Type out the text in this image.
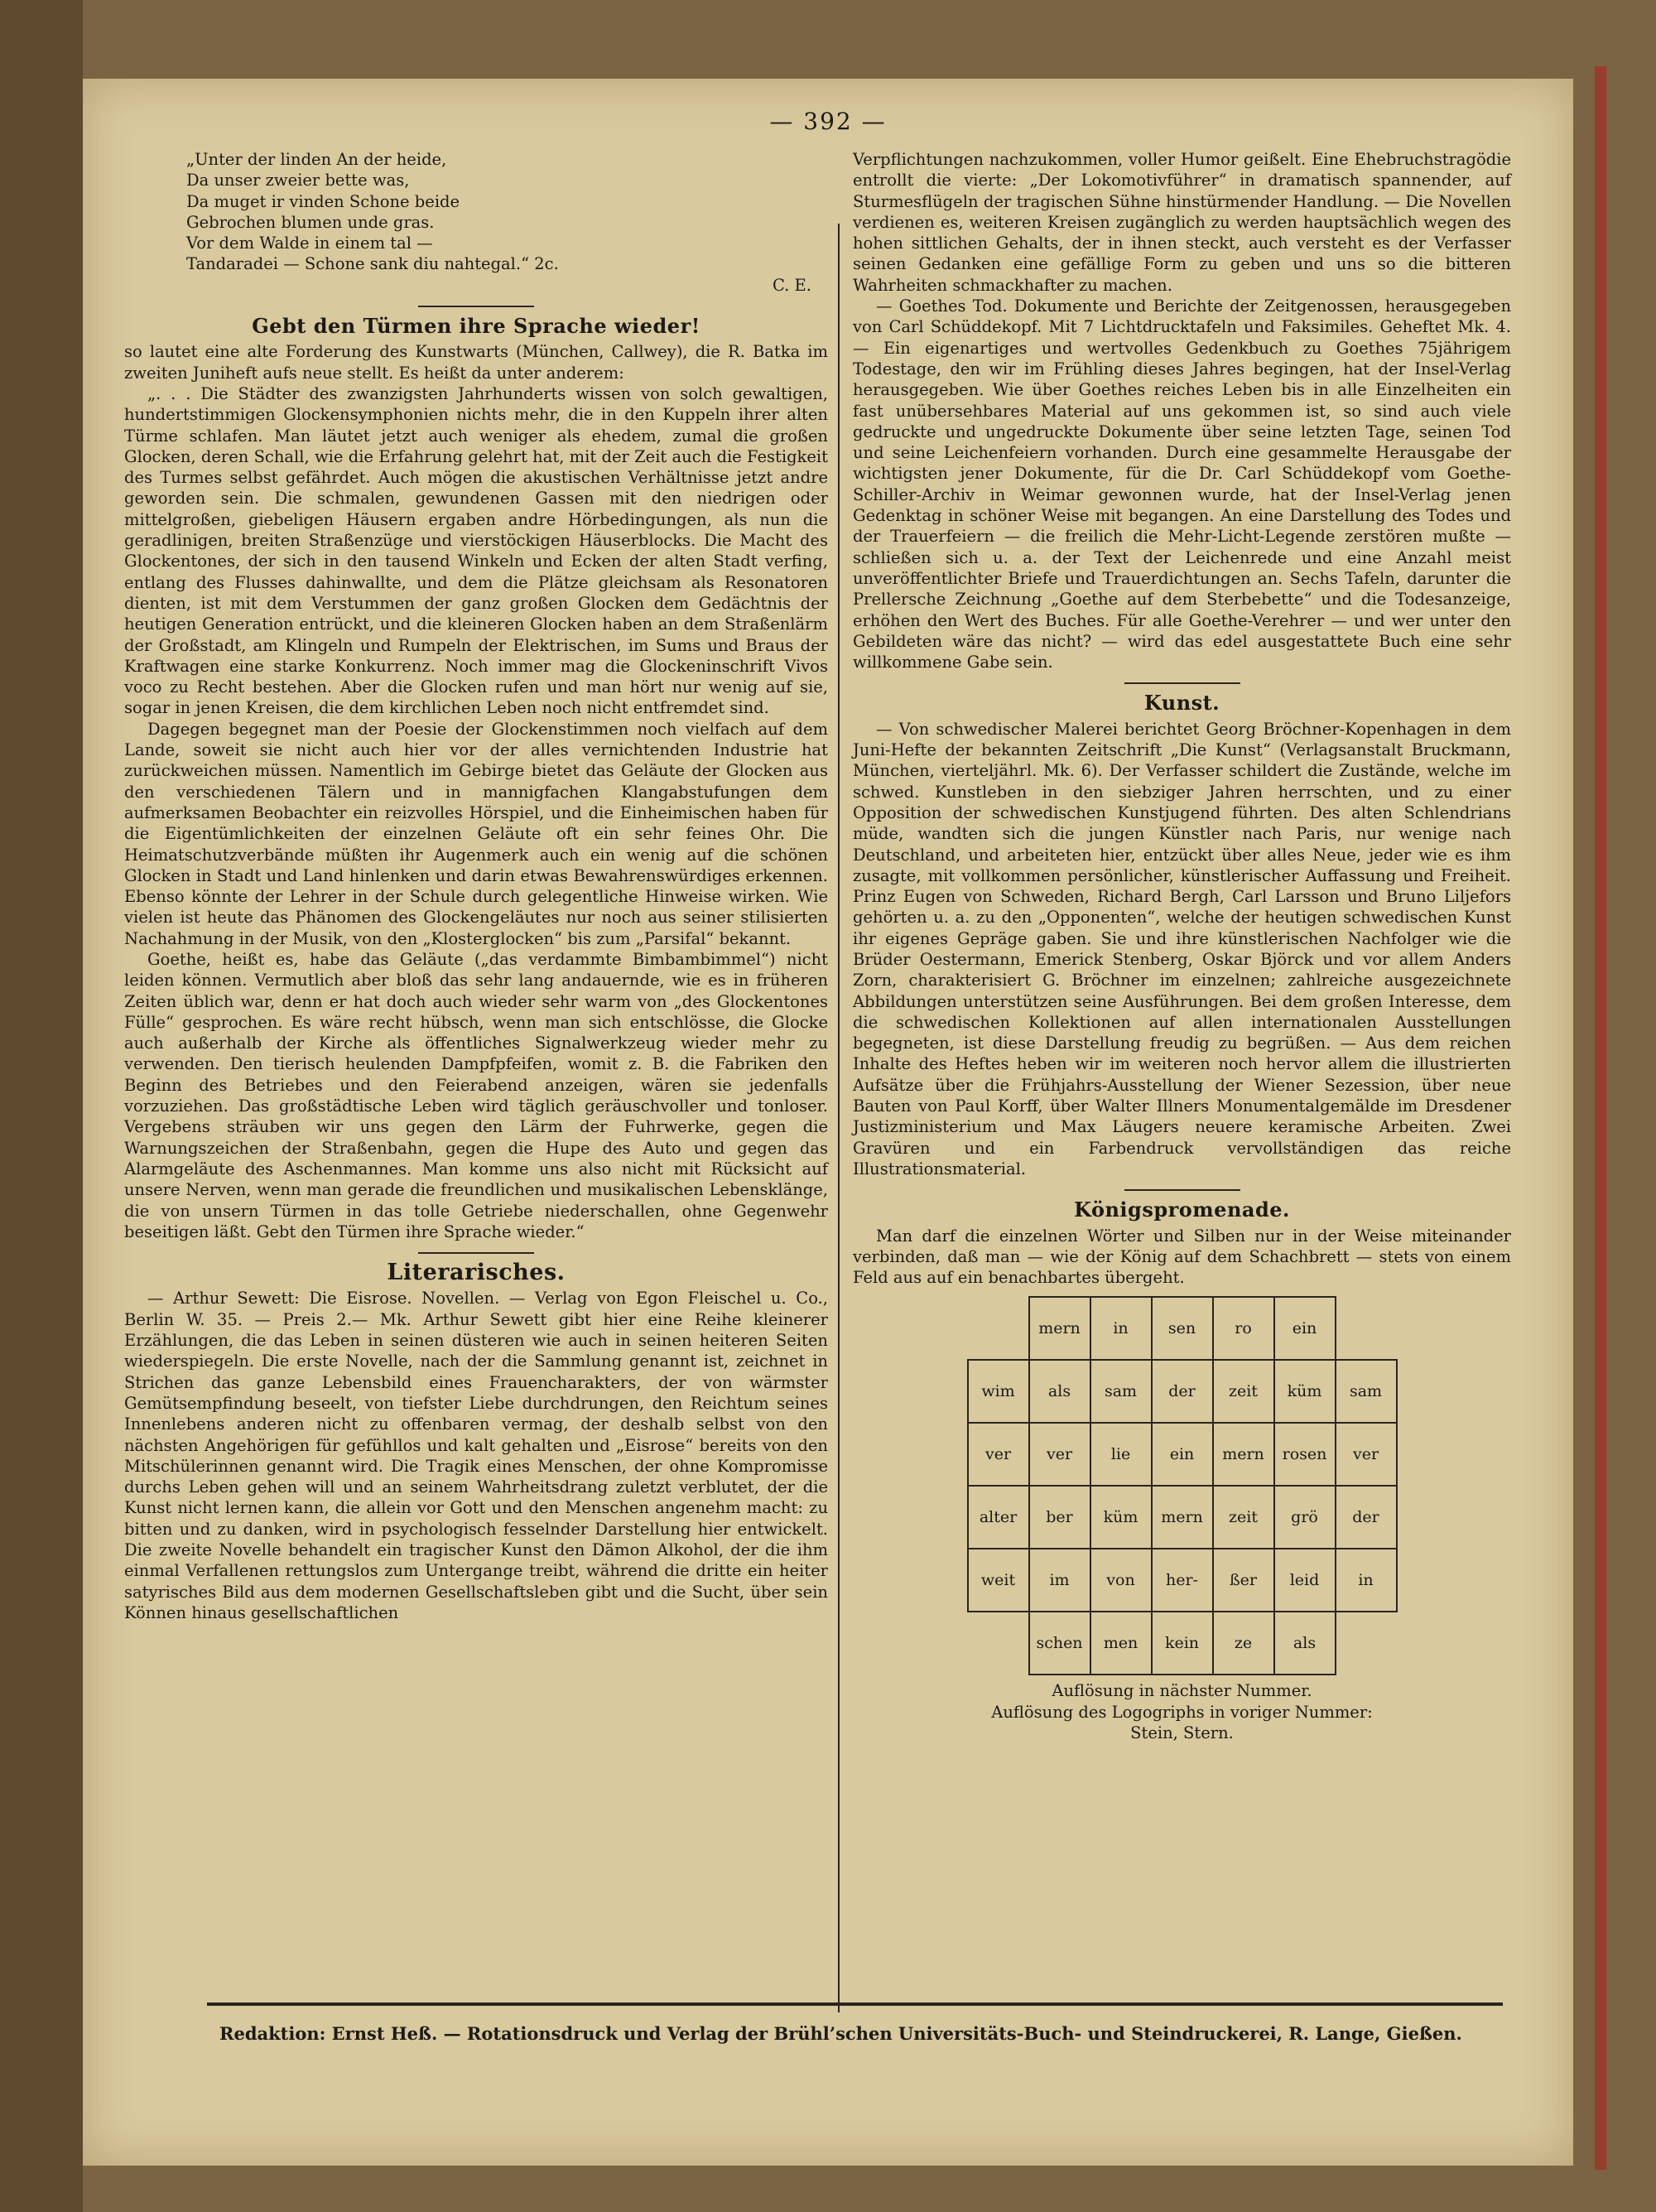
— 392 —
„Unter der linden An der heide,
Da unser zweier bette was,
Da muget ir vinden Schone beide
Gebrochen blumen unde gras.
Vor dem Walde in einem tal —
Tandaradei — Schone sank diu nahtegal.“ 2c.
C. E.
Gebt den Türmen ihre Sprache wieder!

so lautet eine alte Forderung des Kunstwarts (München, Callwey), die R. Batka im zweiten Juniheft aufs neue stellt. Es heißt da unter anderem:

„. . . Die Städter des zwanzigsten Jahrhunderts wissen von solch gewaltigen, hundertstimmigen Glockensymphonien nichts mehr, die in den Kuppeln ihrer alten Türme schlafen. Man läutet jetzt auch weniger als ehedem, zumal die großen Glocken, deren Schall, wie die Erfahrung gelehrt hat, mit der Zeit auch die Festigkeit des Turmes selbst gefährdet. Auch mögen die akustischen Verhältnisse jetzt andre geworden sein. Die schmalen, gewundenen Gassen mit den niedrigen oder mittelgroßen, giebeligen Häusern ergaben andre Hörbedingungen, als nun die geradlinigen, breiten Straßenzüge und vierstöckigen Häuserblocks. Die Macht des Glockentones, der sich in den tausend Winkeln und Ecken der alten Stadt verfing, entlang des Flusses dahinwallte, und dem die Plätze gleichsam als Resonatoren dienten, ist mit dem Verstummen der ganz großen Glocken dem Gedächtnis der heutigen Generation entrückt, und die kleineren Glocken haben an dem Straßenlärm der Großstadt, am Klingeln und Rumpeln der Elektrischen, im Sums und Braus der Kraftwagen eine starke Konkurrenz. Noch immer mag die Glockeninschrift Vivos voco zu Recht bestehen. Aber die Glocken rufen und man hört nur wenig auf sie, sogar in jenen Kreisen, die dem kirchlichen Leben noch nicht entfremdet sind.

Dagegen begegnet man der Poesie der Glockenstimmen noch vielfach auf dem Lande, soweit sie nicht auch hier vor der alles vernichtenden Industrie hat zurückweichen müssen. Namentlich im Gebirge bietet das Geläute der Glocken aus den verschiedenen Tälern und in mannigfachen Klangabstufungen dem aufmerksamen Beobachter ein reizvolles Hörspiel, und die Einheimischen haben für die Eigentümlichkeiten der einzelnen Geläute oft ein sehr feines Ohr. Die Heimatschutzverbände müßten ihr Augenmerk auch ein wenig auf die schönen Glocken in Stadt und Land hinlenken und darin etwas Bewahrenswürdiges erkennen. Ebenso könnte der Lehrer in der Schule durch gelegentliche Hinweise wirken. Wie vielen ist heute das Phänomen des Glockengeläutes nur noch aus seiner stilisierten Nachahmung in der Musik, von den „Klosterglocken“ bis zum „Parsifal“ bekannt.

Goethe, heißt es, habe das Geläute („das verdammte Bimbambimmel“) nicht leiden können. Vermutlich aber bloß das sehr lang andauernde, wie es in früheren Zeiten üblich war, denn er hat doch auch wieder sehr warm von „des Glockentones Fülle“ gesprochen. Es wäre recht hübsch, wenn man sich entschlösse, die Glocke auch außerhalb der Kirche als öffentliches Signalwerkzeug wieder mehr zu verwenden. Den tierisch heulenden Dampfpfeifen, womit z. B. die Fabriken den Beginn des Betriebes und den Feierabend anzeigen, wären sie jedenfalls vorzuziehen. Das großstädtische Leben wird täglich geräuschvoller und tonloser. Vergebens sträuben wir uns gegen den Lärm der Fuhrwerke, gegen die Warnungszeichen der Straßenbahn, gegen die Hupe des Auto und gegen das Alarmgeläute des Aschenmannes. Man komme uns also nicht mit Rücksicht auf unsere Nerven, wenn man gerade die freundlichen und musikalischen Lebensklänge, die von unsern Türmen in das tolle Getriebe niederschallen, ohne Gegenwehr beseitigen läßt. Gebt den Türmen ihre Sprache wieder.“

Literarisches.

— Arthur Sewett: Die Eisrose. Novellen. — Verlag von Egon Fleischel u. Co., Berlin W. 35. — Preis 2.— Mk. Arthur Sewett gibt hier eine Reihe kleinerer Erzählungen, die das Leben in seinen düsteren wie auch in seinen heiteren Seiten wiederspiegeln. Die erste Novelle, nach der die Sammlung genannt ist, zeichnet in Strichen das ganze Lebensbild eines Frauencharakters, der von wärmster Gemütsempfindung beseelt, von tiefster Liebe durchdrungen, den Reichtum seines Innenlebens anderen nicht zu offenbaren vermag, der deshalb selbst von den nächsten Angehörigen für gefühllos und kalt gehalten und „Eisrose“ bereits von den Mitschülerinnen genannt wird. Die Tragik eines Menschen, der ohne Kompromisse durchs Leben gehen will und an seinem Wahrheitsdrang zuletzt verblutet, der die Kunst nicht lernen kann, die allein vor Gott und den Menschen angenehm macht: zu bitten und zu danken, wird in psychologisch fesselnder Darstellung hier entwickelt. Die zweite Novelle behandelt ein tragischer Kunst den Dämon Alkohol, der die ihm einmal Verfallenen rettungslos zum Untergange treibt, während die dritte ein heiter satyrisches Bild aus dem modernen Gesellschaftsleben gibt und die Sucht, über sein Können hinaus gesellschaftlichen

Verpflichtungen nachzukommen, voller Humor geißelt. Eine Ehebruchstragödie entrollt die vierte: „Der Lokomotivführer“ in dramatisch spannender, auf Sturmesflügeln der tragischen Sühne hinstürmender Handlung. — Die Novellen verdienen es, weiteren Kreisen zugänglich zu werden hauptsächlich wegen des hohen sittlichen Gehalts, der in ihnen steckt, auch versteht es der Verfasser seinen Gedanken eine gefällige Form zu geben und uns so die bitteren Wahrheiten schmackhafter zu machen.

— Goethes Tod. Dokumente und Berichte der Zeitgenossen, herausgegeben von Carl Schüddekopf. Mit 7 Lichtdrucktafeln und Faksimiles. Geheftet Mk. 4. — Ein eigenartiges und wertvolles Gedenkbuch zu Goethes 75jährigem Todestage, den wir im Frühling dieses Jahres begingen, hat der Insel-Verlag herausgegeben. Wie über Goethes reiches Leben bis in alle Einzelheiten ein fast unübersehbares Material auf uns gekommen ist, so sind auch viele gedruckte und ungedruckte Dokumente über seine letzten Tage, seinen Tod und seine Leichenfeiern vorhanden. Durch eine gesammelte Herausgabe der wichtigsten jener Dokumente, für die Dr. Carl Schüddekopf vom Goethe-Schiller-Archiv in Weimar gewonnen wurde, hat der Insel-Verlag jenen Gedenktag in schöner Weise mit begangen. An eine Darstellung des Todes und der Trauerfeiern — die freilich die Mehr-Licht-Legende zerstören mußte — schließen sich u. a. der Text der Leichenrede und eine Anzahl meist unveröffentlichter Briefe und Trauerdichtungen an. Sechs Tafeln, darunter die Prellersche Zeichnung „Goethe auf dem Sterbebette“ und die Todesanzeige, erhöhen den Wert des Buches. Für alle Goethe-Verehrer — und wer unter den Gebildeten wäre das nicht? — wird das edel ausgestattete Buch eine sehr willkommene Gabe sein.

Kunst.

— Von schwedischer Malerei berichtet Georg Bröchner-Kopenhagen in dem Juni-Hefte der bekannten Zeitschrift „Die Kunst“ (Verlagsanstalt Bruckmann, München, vierteljährl. Mk. 6). Der Verfasser schildert die Zustände, welche im schwed. Kunstleben in den siebziger Jahren herrschten, und zu einer Opposition der schwedischen Kunstjugend führten. Des alten Schlendrians müde, wandten sich die jungen Künstler nach Paris, nur wenige nach Deutschland, und arbeiteten hier, entzückt über alles Neue, jeder wie es ihm zusagte, mit vollkommen persönlicher, künstlerischer Auffassung und Freiheit. Prinz Eugen von Schweden, Richard Bergh, Carl Larsson und Bruno Liljefors gehörten u. a. zu den „Opponenten“, welche der heutigen schwedischen Kunst ihr eigenes Gepräge gaben. Sie und ihre künstlerischen Nachfolger wie die Brüder Oestermann, Emerick Stenberg, Oskar Björck und vor allem Anders Zorn, charakterisiert G. Bröchner im einzelnen; zahlreiche ausgezeichnete Abbildungen unterstützen seine Ausführungen. Bei dem großen Interesse, dem die schwedischen Kollektionen auf allen internationalen Ausstellungen begegneten, ist diese Darstellung freudig zu begrüßen. — Aus dem reichen Inhalte des Heftes heben wir im weiteren noch hervor allem die illustrierten Aufsätze über die Frühjahrs-Ausstellung der Wiener Sezession, über neue Bauten von Paul Korff, über Walter Illners Monumentalgemälde im Dresdener Justizministerium und Max Läugers neuere keramische Arbeiten. Zwei Gravüren und ein Farbendruck vervollständigen das reiche Illustrationsmaterial.

Königspromenade.

Man darf die einzelnen Wörter und Silben nur in der Weise miteinander verbinden, daß man — wie der König auf dem Schachbrett — stets von einem Feld aus auf ein benachbartes übergeht.

	mern	in	sen	ro	ein	
wim	als	sam	der	zeit	küm	sam
ver	ver	lie	ein	mern	rosen	ver
alter	ber	küm	mern	zeit	grö	der
weit	im	von	her-	ßer	leid	in
	schen	men	kein	ze	als	

Auflösung in nächster Nummer.

Auflösung des Logogriphs in voriger Nummer:

Stein, Stern.

Redaktion: Ernst Heß. — Rotationsdruck und Verlag der Brühl’schen Universitäts-Buch- und Steindruckerei, R. Lange, Gießen.
